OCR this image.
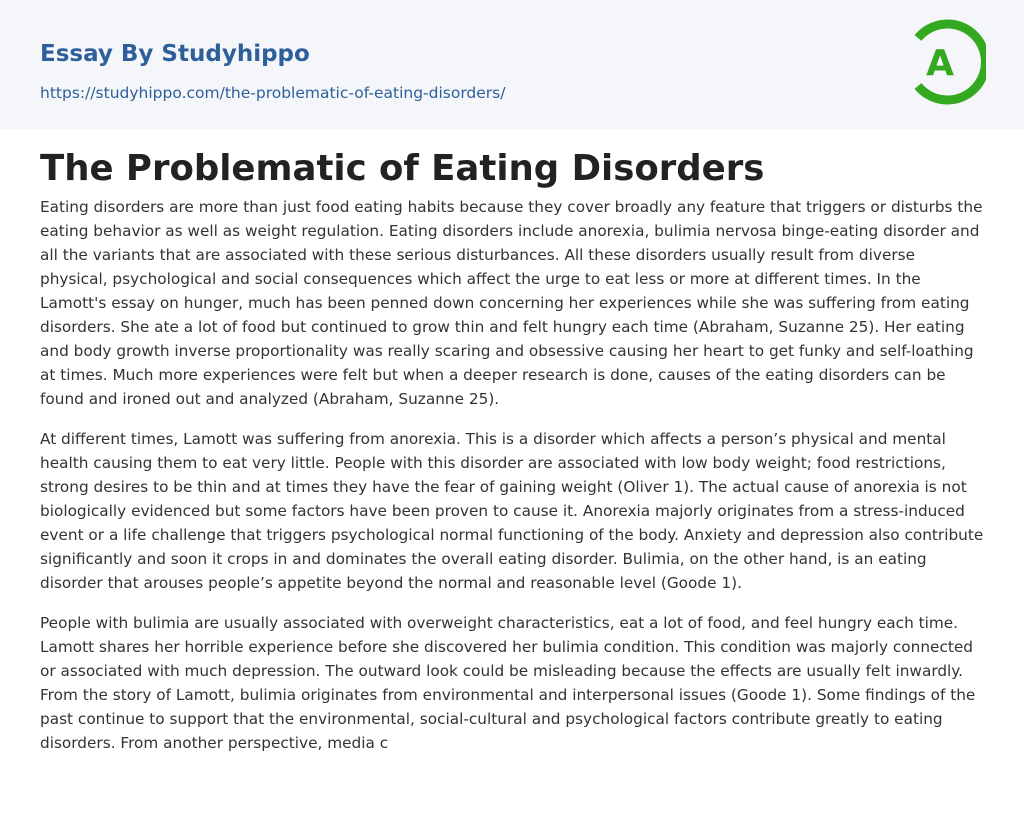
Essay By Studyhippo
https://studyhippo.com/the-problematic-of-eating-disorders/
A
The Problematic of Eating Disorders

Eating disorders are more than just food eating habits because they cover broadly any feature that triggers or disturbs the eating behavior as well as weight regulation. Eating disorders include anorexia, bulimia nervosa binge-eating disorder and all the variants that are associated with these serious disturbances. All these disorders usually result from diverse physical, psychological and social consequences which affect the urge to eat less or more at different times. In the Lamott's essay on hunger, much has been penned down concerning her experiences while she was suffering from eating disorders. She ate a lot of food but continued to grow thin and felt hungry each time (Abraham, Suzanne 25). Her eating and body growth inverse proportionality was really scaring and obsessive causing her heart to get funky and self-loathing at times. Much more experiences were felt but when a deeper research is done, causes of the eating disorders can be found and ironed out and analyzed (Abraham, Suzanne 25).

At different times, Lamott was suffering from anorexia. This is a disorder which affects a person’s physical and mental health causing them to eat very little. People with this disorder are associated with low body weight; food restrictions, strong desires to be thin and at times they have the fear of gaining weight (Oliver 1). The actual cause of anorexia is not biologically evidenced but some factors have been proven to cause it. Anorexia majorly originates from a stress-induced event or a life challenge that triggers psychological normal functioning of the body. Anxiety and depression also contribute significantly and soon it crops in and dominates the overall eating disorder. Bulimia, on the other hand, is an eating disorder that arouses people’s appetite beyond the normal and reasonable level (Goode 1).

People with bulimia are usually associated with overweight characteristics, eat a lot of food, and feel hungry each time. Lamott shares her horrible experience before she discovered her bulimia condition. This condition was majorly connected or associated with much depression. The outward look could be misleading because the effects are usually felt inwardly. From the story of Lamott, bulimia originates from environmental and interpersonal issues (Goode 1). Some findings of the past continue to support that the environmental, social-cultural and psychological factors contribute greatly to eating disorders. From another perspective, media c
